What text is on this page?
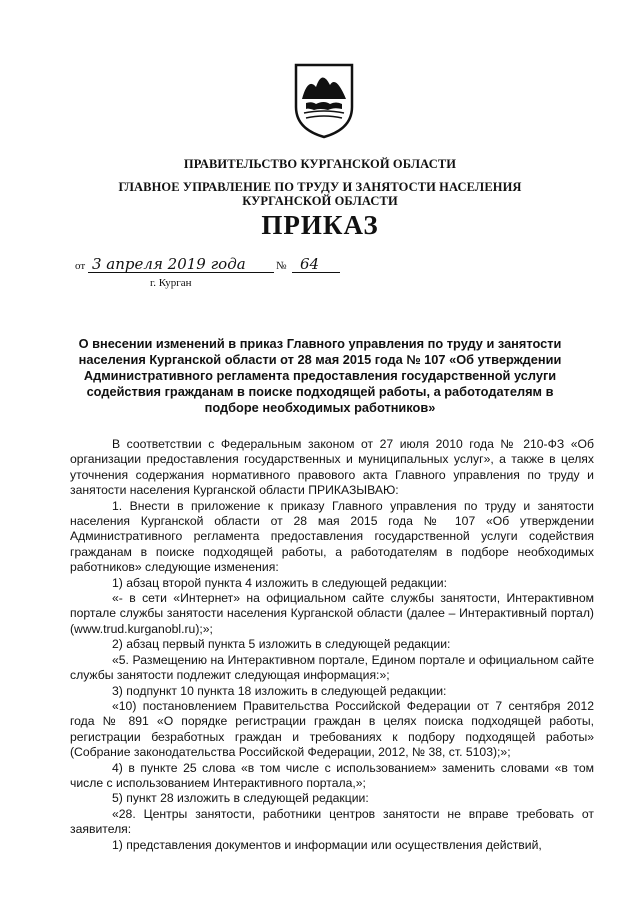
ПРАВИТЕЛЬСТВО КУРГАНСКОЙ ОБЛАСТИ
ГЛАВНОЕ УПРАВЛЕНИЕ ПО ТРУДУ И ЗАНЯТОСТИ НАСЕЛЕНИЯ
КУРГАНСКОЙ ОБЛАСТИ
ПРИКАЗ
от 3 апреля 2019 года	№ 64
г. Курган
О внесении изменений в приказ Главного управления по труду и занятости населения Курганской области от 28 мая 2015 года № 107 «Об утверждении Административного регламента предоставления государственной услуги содействия гражданам в поиске подходящей работы, а работодателям в подборе необходимых работников»

В соответствии с Федеральным законом от 27 июля 2010 года № 210-ФЗ «Об организации предоставления государственных и муниципальных услуг», а также в целях уточнения содержания нормативного правового акта Главного управления по труду и занятости населения Курганской области ПРИКАЗЫВАЮ:

1. Внести в приложение к приказу Главного управления по труду и занятости населения Курганской области от 28 мая 2015 года № 107 «Об утверждении Административного регламента предоставления государственной услуги содействия гражданам в поиске подходящей работы, а работодателям в подборе необходимых работников» следующие изменения:

1) абзац второй пункта 4 изложить в следующей редакции:

«- в сети «Интернет» на официальном сайте службы занятости, Интерактивном портале службы занятости населения Курганской области (далее – Интерактивный портал) (www.trud.kurganobl.ru);»;

2) абзац первый пункта 5 изложить в следующей редакции:

«5. Размещению на Интерактивном портале, Едином портале и официальном сайте службы занятости подлежит следующая информация:»;

3) подпункт 10 пункта 18 изложить в следующей редакции:

«10) постановлением Правительства Российской Федерации от 7 сентября 2012 года № 891 «О порядке регистрации граждан в целях поиска подходящей работы, регистрации безработных граждан и требованиях к подбору подходящей работы» (Собрание законодательства Российской Федерации, 2012, № 38, ст. 5103);»;

4) в пункте 25 слова «в том числе с использованием» заменить словами «в том числе с использованием Интерактивного портала,»;

5) пункт 28 изложить в следующей редакции:

«28. Центры занятости, работники центров занятости не вправе требовать от заявителя:

1) представления документов и информации или осуществления действий,
